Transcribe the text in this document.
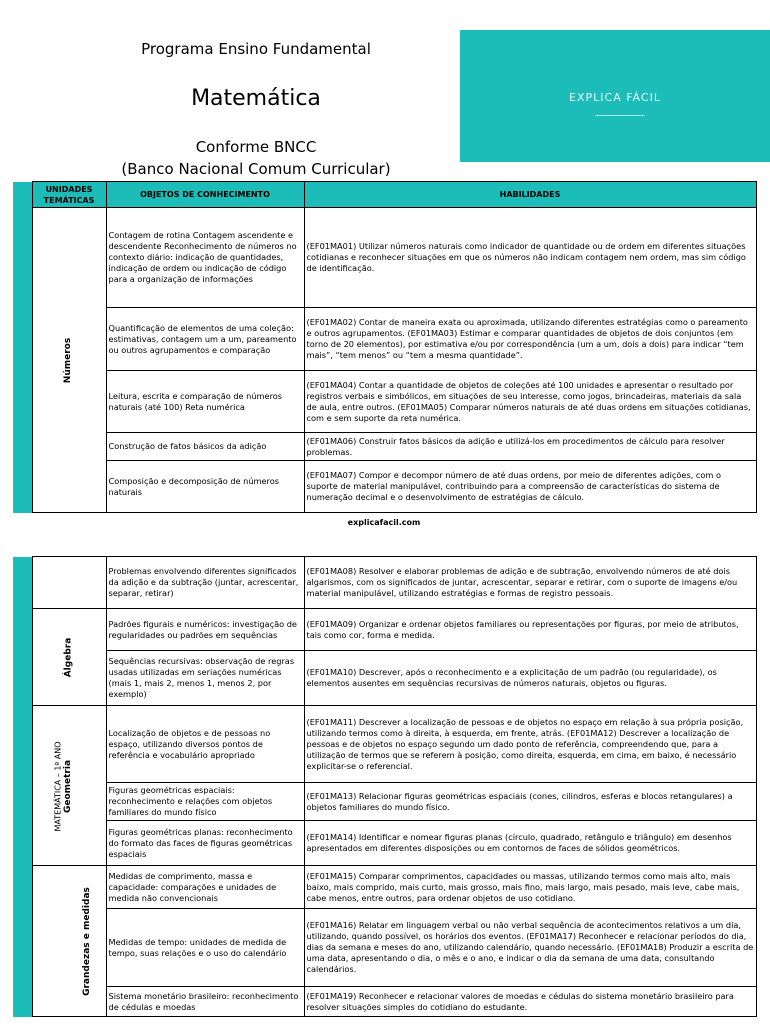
Programa Ensino Fundamental
Matemática
Conforme BNCC
(Banco Nacional Comum Curricular)
EXPLICA FÁCIL
	UNIDADES TEMÁTICAS	OBJETOS DE CONHECIMENTO	HABILIDADES
	Números	Contagem de rotina Contagem ascendente e descendente Reconhecimento de números no contexto diário: indicação de quantidades, indicação de ordem ou indicação de código para a organização de informações	(EF01MA01) Utilizar números naturais como indicador de quantidade ou de ordem em diferentes situações cotidianas e reconhecer situações em que os números não indicam contagem nem ordem, mas sim código de identificação.
		Quantificação de elementos de uma coleção: estimativas, contagem um a um, pareamento ou outros agrupamentos e comparação	(EF01MA02) Contar de maneira exata ou aproximada, utilizando diferentes estratégias como o pareamento e outros agrupamentos. (EF01MA03) Estimar e comparar quantidades de objetos de dois conjuntos (em torno de 20 elementos), por estimativa e/ou por correspondência (um a um, dois a dois) para indicar “tem mais”, “tem menos” ou “tem a mesma quantidade”.
		Leitura, escrita e comparação de números naturais (até 100) Reta numérica	(EF01MA04) Contar a quantidade de objetos de coleções até 100 unidades e apresentar o resultado por registros verbais e simbólicos, em situações de seu interesse, como jogos, brincadeiras, materiais da sala de aula, entre outros. (EF01MA05) Comparar números naturais de até duas ordens em situações cotidianas, com e sem suporte da reta numérica.
		Construção de fatos básicos da adição	(EF01MA06) Construir fatos básicos da adição e utilizá-los em procedimentos de cálculo para resolver problemas.
		Composição e decomposição de números naturais	(EF01MA07) Compor e decompor número de até duas ordens, por meio de diferentes adições, com o suporte de material manipulável, contribuindo para a compreensão de características do sistema de numeração decimal e o desenvolvimento de estratégias de cálculo.
explicafacil.com
MATEMÁTICA – 1º ANO		Problemas envolvendo diferentes significados da adição e da subtração (juntar, acrescentar, separar, retirar)	(EF01MA08) Resolver e elaborar problemas de adição e de subtração, envolvendo números de até dois algarismos, com os significados de juntar, acrescentar, separar e retirar, com o suporte de imagens e/ou material manipulável, utilizando estratégias e formas de registro pessoais.

	Álgebra	Padrões figurais e numéricos: investigação de regularidades ou padrões em sequências	(EF01MA09) Organizar e ordenar objetos familiares ou representações por figuras, por meio de atributos, tais como cor, forma e medida.

		Sequências recursivas: observação de regras usadas utilizadas em seriações numéricas (mais 1, mais 2, menos 1, menos 2, por exemplo)	(EF01MA10) Descrever, após o reconhecimento e a explicitação de um padrão (ou regularidade), os elementos ausentes em sequências recursivas de números naturais, objetos ou figuras.
	Geometria	Localização de objetos e de pessoas no espaço, utilizando diversos pontos de referência e vocabulário apropriado	(EF01MA11) Descrever a localização de pessoas e de objetos no espaço em relação à sua própria posição, utilizando termos como à direita, à esquerda, em frente, atrás. (EF01MA12) Descrever a localização de pessoas e de objetos no espaço segundo um dado ponto de referência, compreendendo que, para a utilização de termos que se referem à posição, como direita, esquerda, em cima, em baixo, é necessário explicitar-se o referencial.

		Figuras geométricas espaciais: reconhecimento e relações com objetos familiares do mundo físico	(EF01MA13) Relacionar figuras geométricas espaciais (cones, cilindros, esferas e blocos retangulares) a objetos familiares do mundo físico.
		Figuras geométricas planas: reconhecimento do formato das faces de figuras geométricas espaciais	(EF01MA14) Identificar e nomear figuras planas (círculo, quadrado, retângulo e triângulo) em desenhos apresentados em diferentes disposições ou em contornos de faces de sólidos geométricos.
	Grandezas e medidas	Medidas de comprimento, massa e capacidade: comparações e unidades de medida não convencionais	(EF01MA15) Comparar comprimentos, capacidades ou massas, utilizando termos como mais alto, mais baixo, mais comprido, mais curto, mais grosso, mais fino, mais largo, mais pesado, mais leve, cabe mais, cabe menos, entre outros, para ordenar objetos de uso cotidiano.
		Medidas de tempo: unidades de medida de tempo, suas relações e o uso do calendário	(EF01MA16) Relatar em linguagem verbal ou não verbal sequência de acontecimentos relativos a um dia, utilizando, quando possível, os horários dos eventos. (EF01MA17) Reconhecer e relacionar períodos do dia, dias da semana e meses do ano, utilizando calendário, quando necessário. (EF01MA18) Produzir a escrita de uma data, apresentando o dia, o mês e o ano, e indicar o dia da semana de uma data, consultando calendários.
		Sistema monetário brasileiro: reconhecimento de cédulas e moedas	(EF01MA19) Reconhecer e relacionar valores de moedas e cédulas do sistema monetário brasileiro para resolver situações simples do cotidiano do estudante.
